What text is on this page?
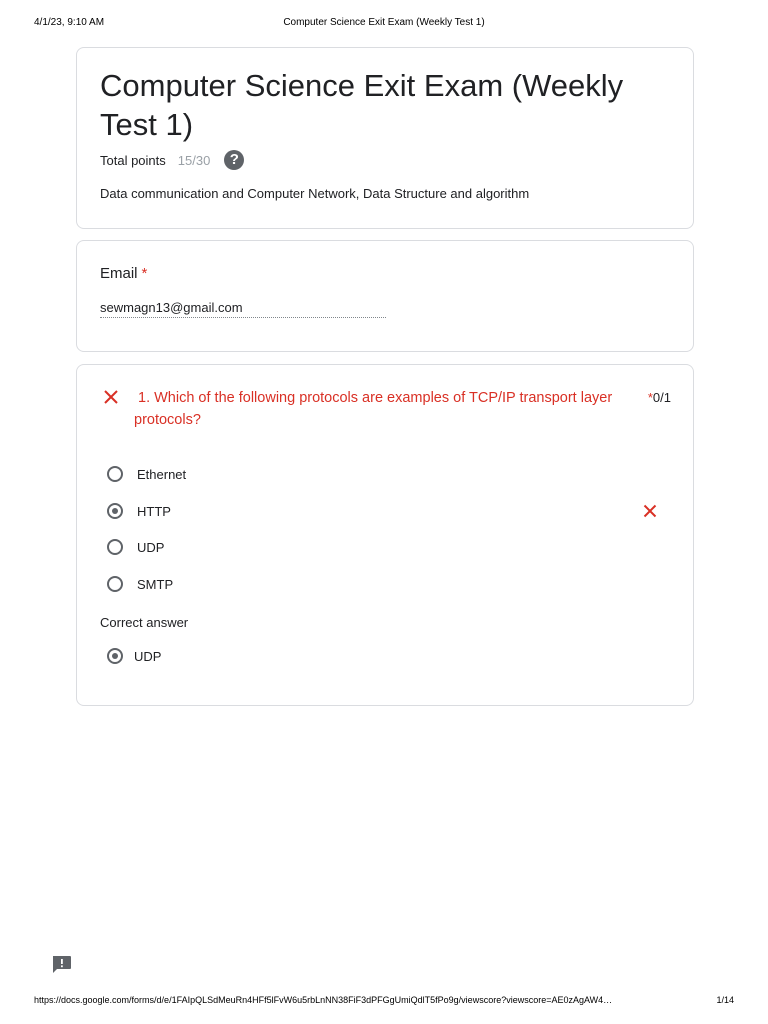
4/1/23, 9:10 AM	Computer Science Exit Exam (Weekly Test 1)
Computer Science Exit Exam (Weekly Test 1)
Total points 15/30	?
Data communication and Computer Network, Data Structure and algorithm
Email *
sewmagn13@gmail.com
1. Which of the following protocols are examples of TCP/IP transport layer protocols?
*0/1
Ethernet
HTTP
UDP
SMTP
Correct answer
UDP
https://docs.google.com/forms/d/e/1FAIpQLSdMeuRn4HFf5lFvW6u5rbLnNN38FiF3dPFGgUmiQdlT5fPo9g/viewscore?viewscore=AE0zAgAW4…	1/14
